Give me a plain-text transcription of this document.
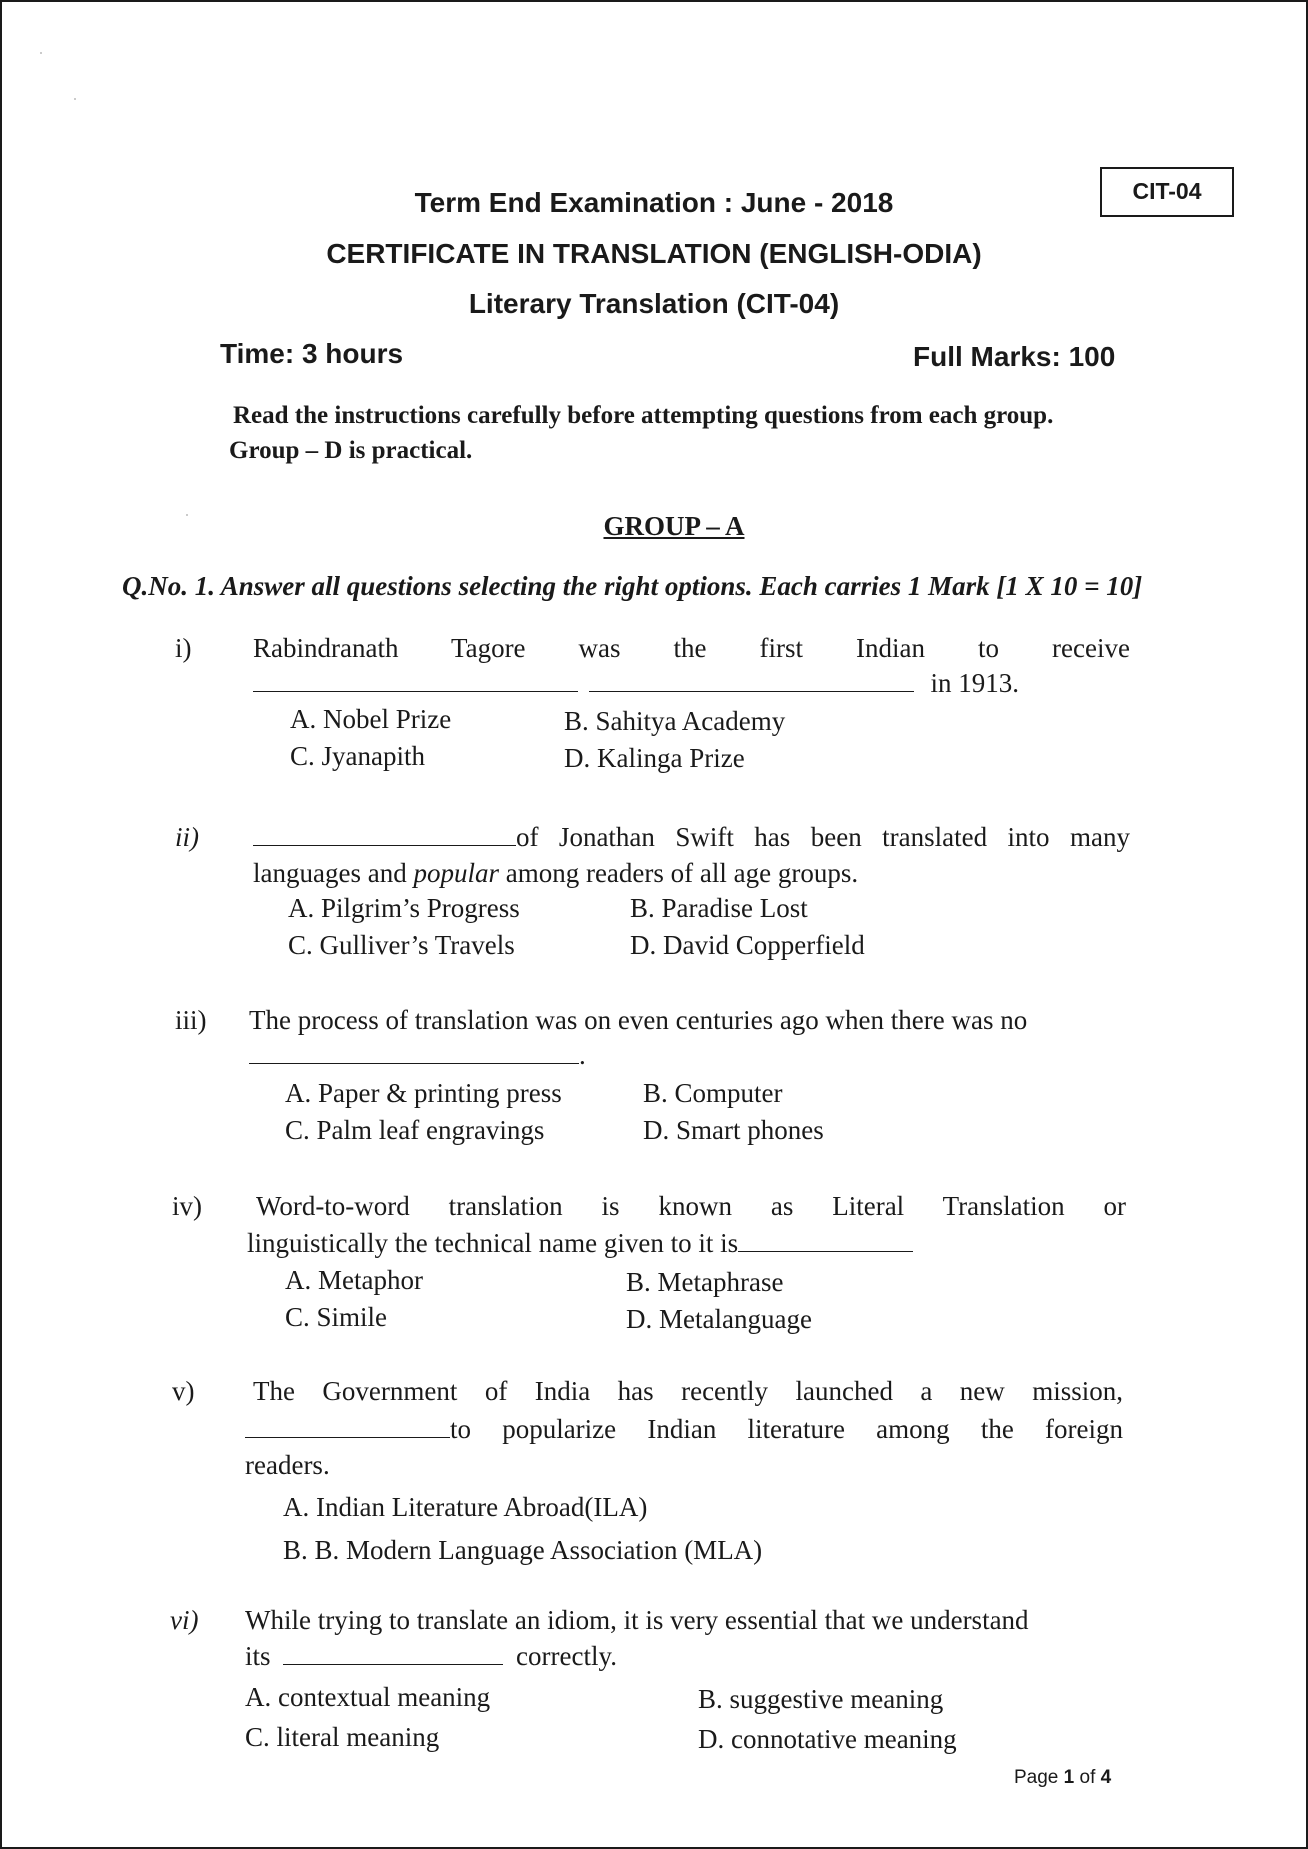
CIT-04
Term End Examination : June - 2018
CERTIFICATE IN TRANSLATION (ENGLISH-ODIA)
Literary Translation (CIT-04)
Time: 3 hours	Full Marks: 100
Read the instructions carefully before attempting questions from each group.
Group – D is practical.
GROUP – A
Q.No. 1. Answer all questions selecting the right options. Each carries 1 Mark [1 X 10 = 10]
i) Rabindranath Tagore was the first Indian to receive
in 1913.
A. Nobel Prize	B. Sahitya Academy
C. Jyanapith	D. Kalinga Prize
ii)	of Jonathan Swift has been translated into many
languages and popular among readers of all age groups.
A. Pilgrim’s Progress	B. Paradise Lost
C. Gulliver’s Travels	D. David Copperfield
iii) The process of translation was on even centuries ago when there was no
.
A. Paper & printing press	B. Computer
C. Palm leaf engravings	D. Smart phones
iv) Word-to-word translation is known as Literal Translation or
linguistically the technical name given to it is
A. Metaphor	B. Metaphrase
C. Simile	D. Metalanguage
v) The Government of India has recently launched a new mission,
to popularize Indian literature among the foreign
readers.
A. Indian Literature Abroad(ILA)
B. B. Modern Language Association (MLA)
vi) While trying to translate an idiom, it is very essential that we understand
its	correctly.
A. contextual meaning	B. suggestive meaning
C. literal meaning	D. connotative meaning
Page 1 of 4
